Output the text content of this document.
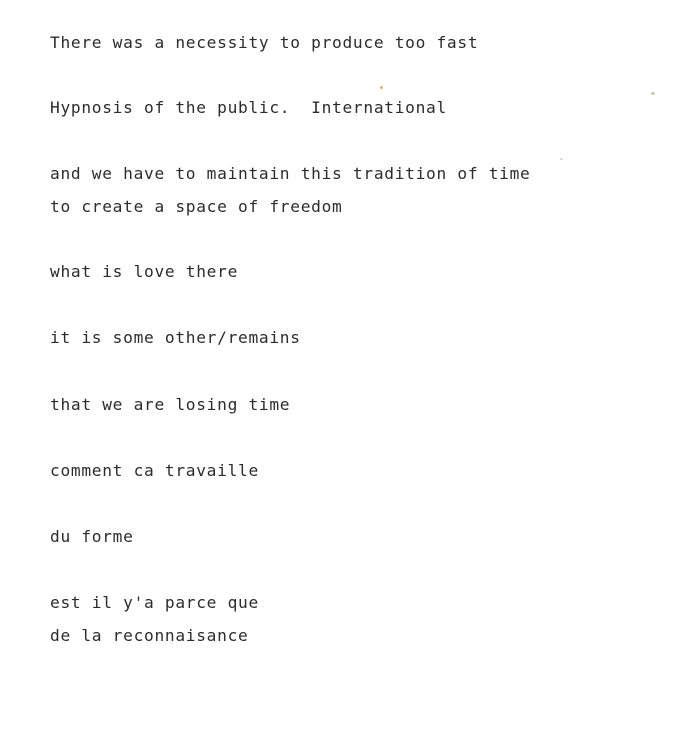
There was a necessity to produce too fast

Hypnosis of the public.  International

and we have to maintain this tradition of time

to create a space of freedom

what is love there

it is some other/remains

that we are losing time

comment ca travaille

du forme

est il y'a parce que

de la reconnaisance
